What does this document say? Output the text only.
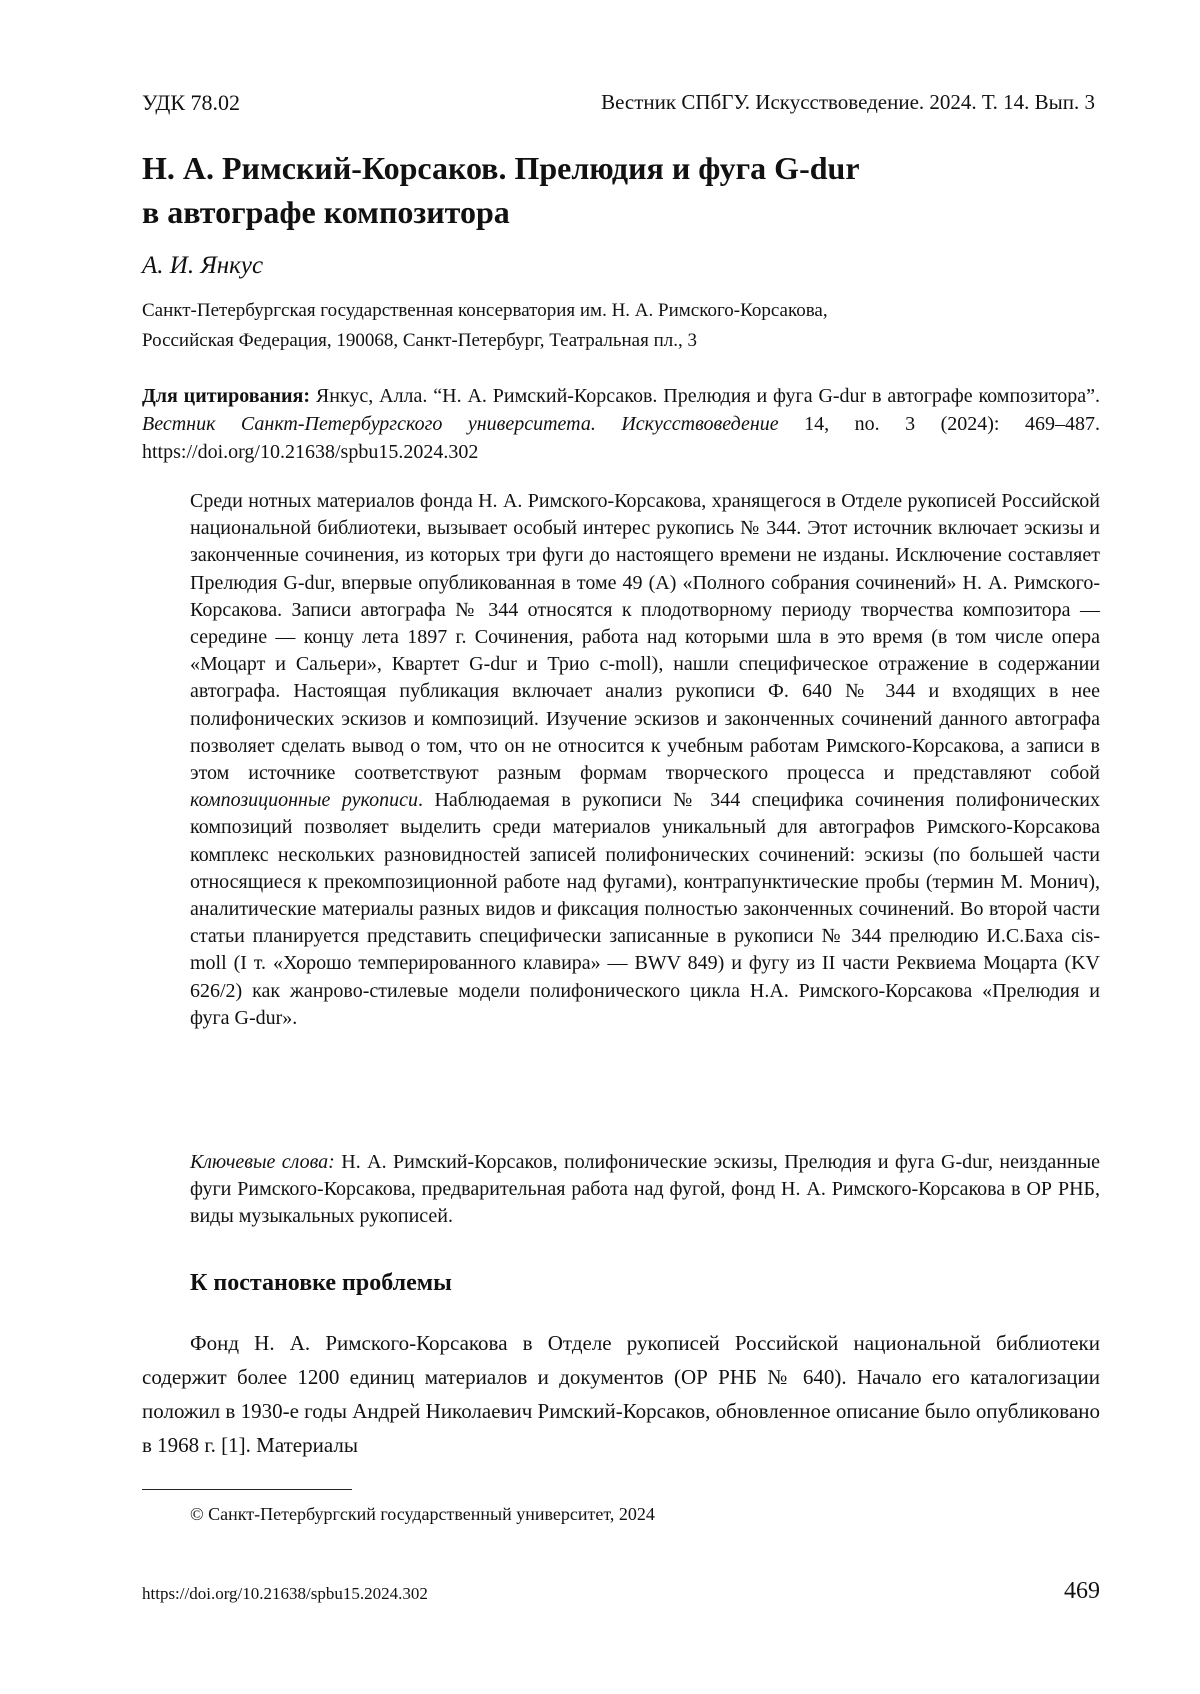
УДК 78.02	Вестник СПбГУ. Искусствоведение. 2024. Т. 14. Вып. 3
Н. А. Римский-Корсаков. Прелюдия и фуга G-dur
в автографе композитора
А. И. Янкус
Санкт-Петербургская государственная консерватория им. Н. А. Римского-Корсакова,
Российская Федерация, 190068, Санкт-Петербург, Театральная пл., 3
Для цитирования: Янкус, Алла. “Н. А. Римский-Корсаков. Прелюдия и фуга G-dur в автографе композитора”. Вестник Санкт-Петербургского университета. Искусствоведение 14, no. 3 (2024): 469–487. https://doi.org/10.21638/spbu15.2024.302

Среди нотных материалов фонда Н. А. Римского-Корсакова, хранящегося в Отделе рукописей Российской национальной библиотеки, вызывает особый интерес рукопись № 344. Этот источник включает эскизы и законченные сочинения, из которых три фуги до настоящего времени не изданы. Исключение составляет Прелюдия G-dur, впервые опубликованная в томе 49 (А) «Полного собрания сочинений» Н. А. Римского-Корсакова. Записи автографа № 344 относятся к плодотворному периоду творчества композитора — середине — концу лета 1897 г. Сочинения, работа над которыми шла в это время (в том числе опера «Моцарт и Сальери», Квартет G-dur и Трио c-moll), нашли специфическое отражение в содержании автографа. Настоящая публикация включает анализ рукописи Ф. 640 № 344 и входящих в нее полифонических эскизов и композиций. Изучение эскизов и законченных сочинений данного автографа позволяет сделать вывод о том, что он не относится к учебным работам Римского-Корсакова, а записи в этом источнике соответствуют разным формам творческого процесса и представляют собой композиционные рукописи. Наблюдаемая в рукописи № 344 специфика сочинения полифонических композиций позволяет выделить среди материалов уникальный для автографов Римского-Корсакова комплекс нескольких разновидностей записей полифонических сочинений: эскизы (по большей части относящиеся к прекомпозиционной работе над фугами), контрапунктические пробы (термин М. Монич), аналитические материалы разных видов и фиксация полностью законченных сочинений. Во второй части статьи планируется представить специфически записанные в рукописи № 344 прелюдию И.С.Баха cis-moll (I т. «Хорошо темперированного клавира» — BWV 849) и фугу из II части Реквиема Моцарта (KV 626/2) как жанрово-стилевые модели полифонического цикла Н.А. Римского-Корсакова «Прелюдия и фуга G-dur».

Ключевые слова: Н. А. Римский-Корсаков, полифонические эскизы, Прелюдия и фуга G-dur, неизданные фуги Римского-Корсакова, предварительная работа над фугой, фонд Н. А. Римского-Корсакова в ОР РНБ, виды музыкальных рукописей.

К постановке проблемы

Фонд Н. А. Римского-Корсакова в Отделе рукописей Российской национальной библиотеки содержит более 1200 единиц материалов и документов (ОР РНБ № 640). Начало его каталогизации положил в 1930-е годы Андрей Николаевич Римский-Корсаков, обновленное описание было опубликовано в 1968 г. [1]. Материалы

© Санкт-Петербургский государственный университет, 2024
https://doi.org/10.21638/spbu15.2024.302	469
